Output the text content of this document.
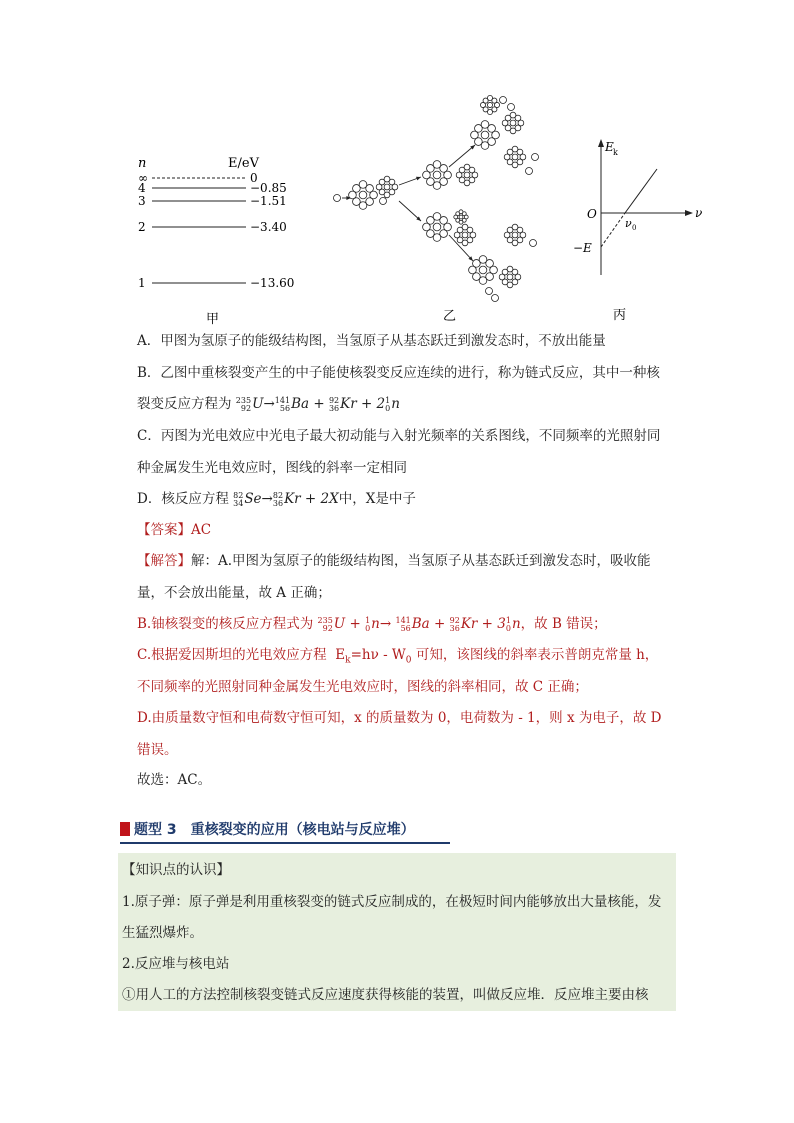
n	E/eV
∞	0
4	−0.85
3	−1.51
2	−3.40
1	−13.60
甲	乙
E k
ν
O
ν 0
−E
丙
A．甲图为氢原子的能级结构图，当氢原子从基态跃迁到激发态时，不放出能量
B．乙图中重核裂变产生的中子能使核裂变反应连续的进行，称为链式反应，其中一种核
裂变反应方程为 235
92 U→ 141
56 Ba + 92
36 Kr + 2 1
0 n
C．丙图为光电效应中光电子最大初动能与入射光频率的关系图线，不同频率的光照射同
种金属发生光电效应时，图线的斜率一定相同
D．核反应方程 82
34 Se→ 82
36 Kr + 2X中，X是中子
【答案】AC
【解答】解：A.甲图为氢原子的能级结构图，当氢原子从基态跃迁到激发态时，吸收能
量，不会放出能量，故 A 正确；
B.铀核裂变的核反应方程式为 235
92 U + 1
0 n→ 141
56 Ba + 92
36 Kr + 3 1
0 n，故 B 错误；
C.根据爱因斯坦的光电效应方程 $E_k=h\nu - W_0$ 可知，该图线的斜率表示普朗克常量 h，
不同频率的光照射同种金属发生光电效应时，图线的斜率相同，故 C 正确；
D.由质量数守恒和电荷数守恒可知，x 的质量数为 0，电荷数为 - 1，则 x 为电子，故 D
错误。
故选：AC。
题型 3　重核裂变的应用（核电站与反应堆）
【知识点的认识】
1.原子弹：原子弹是利用重核裂变的链式反应制成的，在极短时间内能够放出大量核能，发
生猛烈爆炸。
2.反应堆与核电站
①用人工的方法控制核裂变链式反应速度获得核能的装置，叫做反应堆．反应堆主要由核
